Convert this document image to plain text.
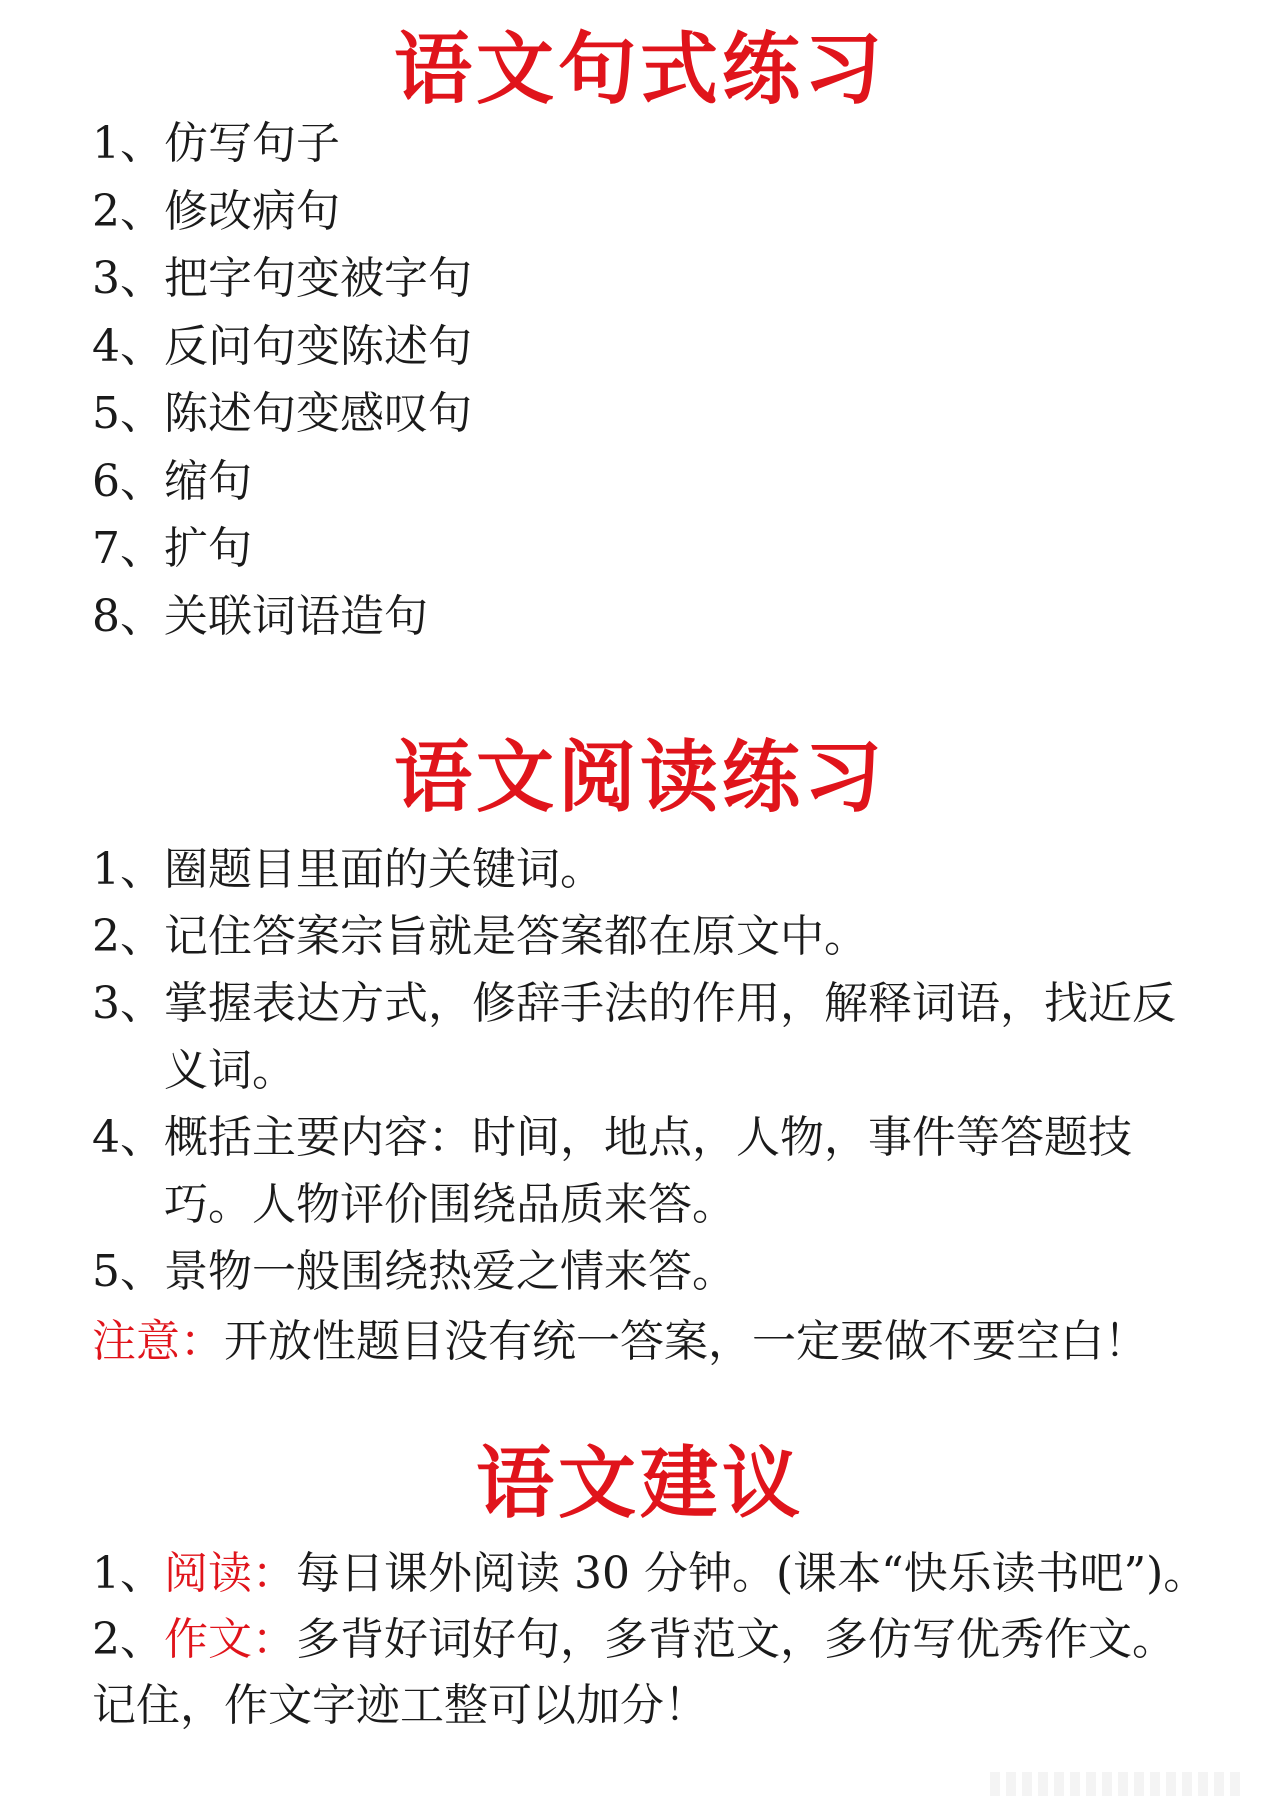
语文句式练习
1、 仿写句子
2、 修改病句
3、 把字句变被字句
4、 反问句变陈述句
5、 陈述句变感叹句
6、 缩句
7、 扩句
8、 关联词语造句
语文阅读练习
1、 圈题目里面的关键词。
2、 记住答案宗旨就是答案都在原文中。
3、 掌握表达方式，修辞手法的作用，解释词语，找近反义词。
4、 概括主要内容：时间，地点，人物，事件等答题技巧。人物评价围绕品质来答。
5、 景物一般围绕热爱之情来答。
注意：开放性题目没有统一答案，一定要做不要空白！
语文建议
1、阅读：每日课外阅读 30 分钟。(课本“快乐读书吧”)。
2、作文：多背好词好句，多背范文，多仿写优秀作文。
记住，作文字迹工整可以加分！
